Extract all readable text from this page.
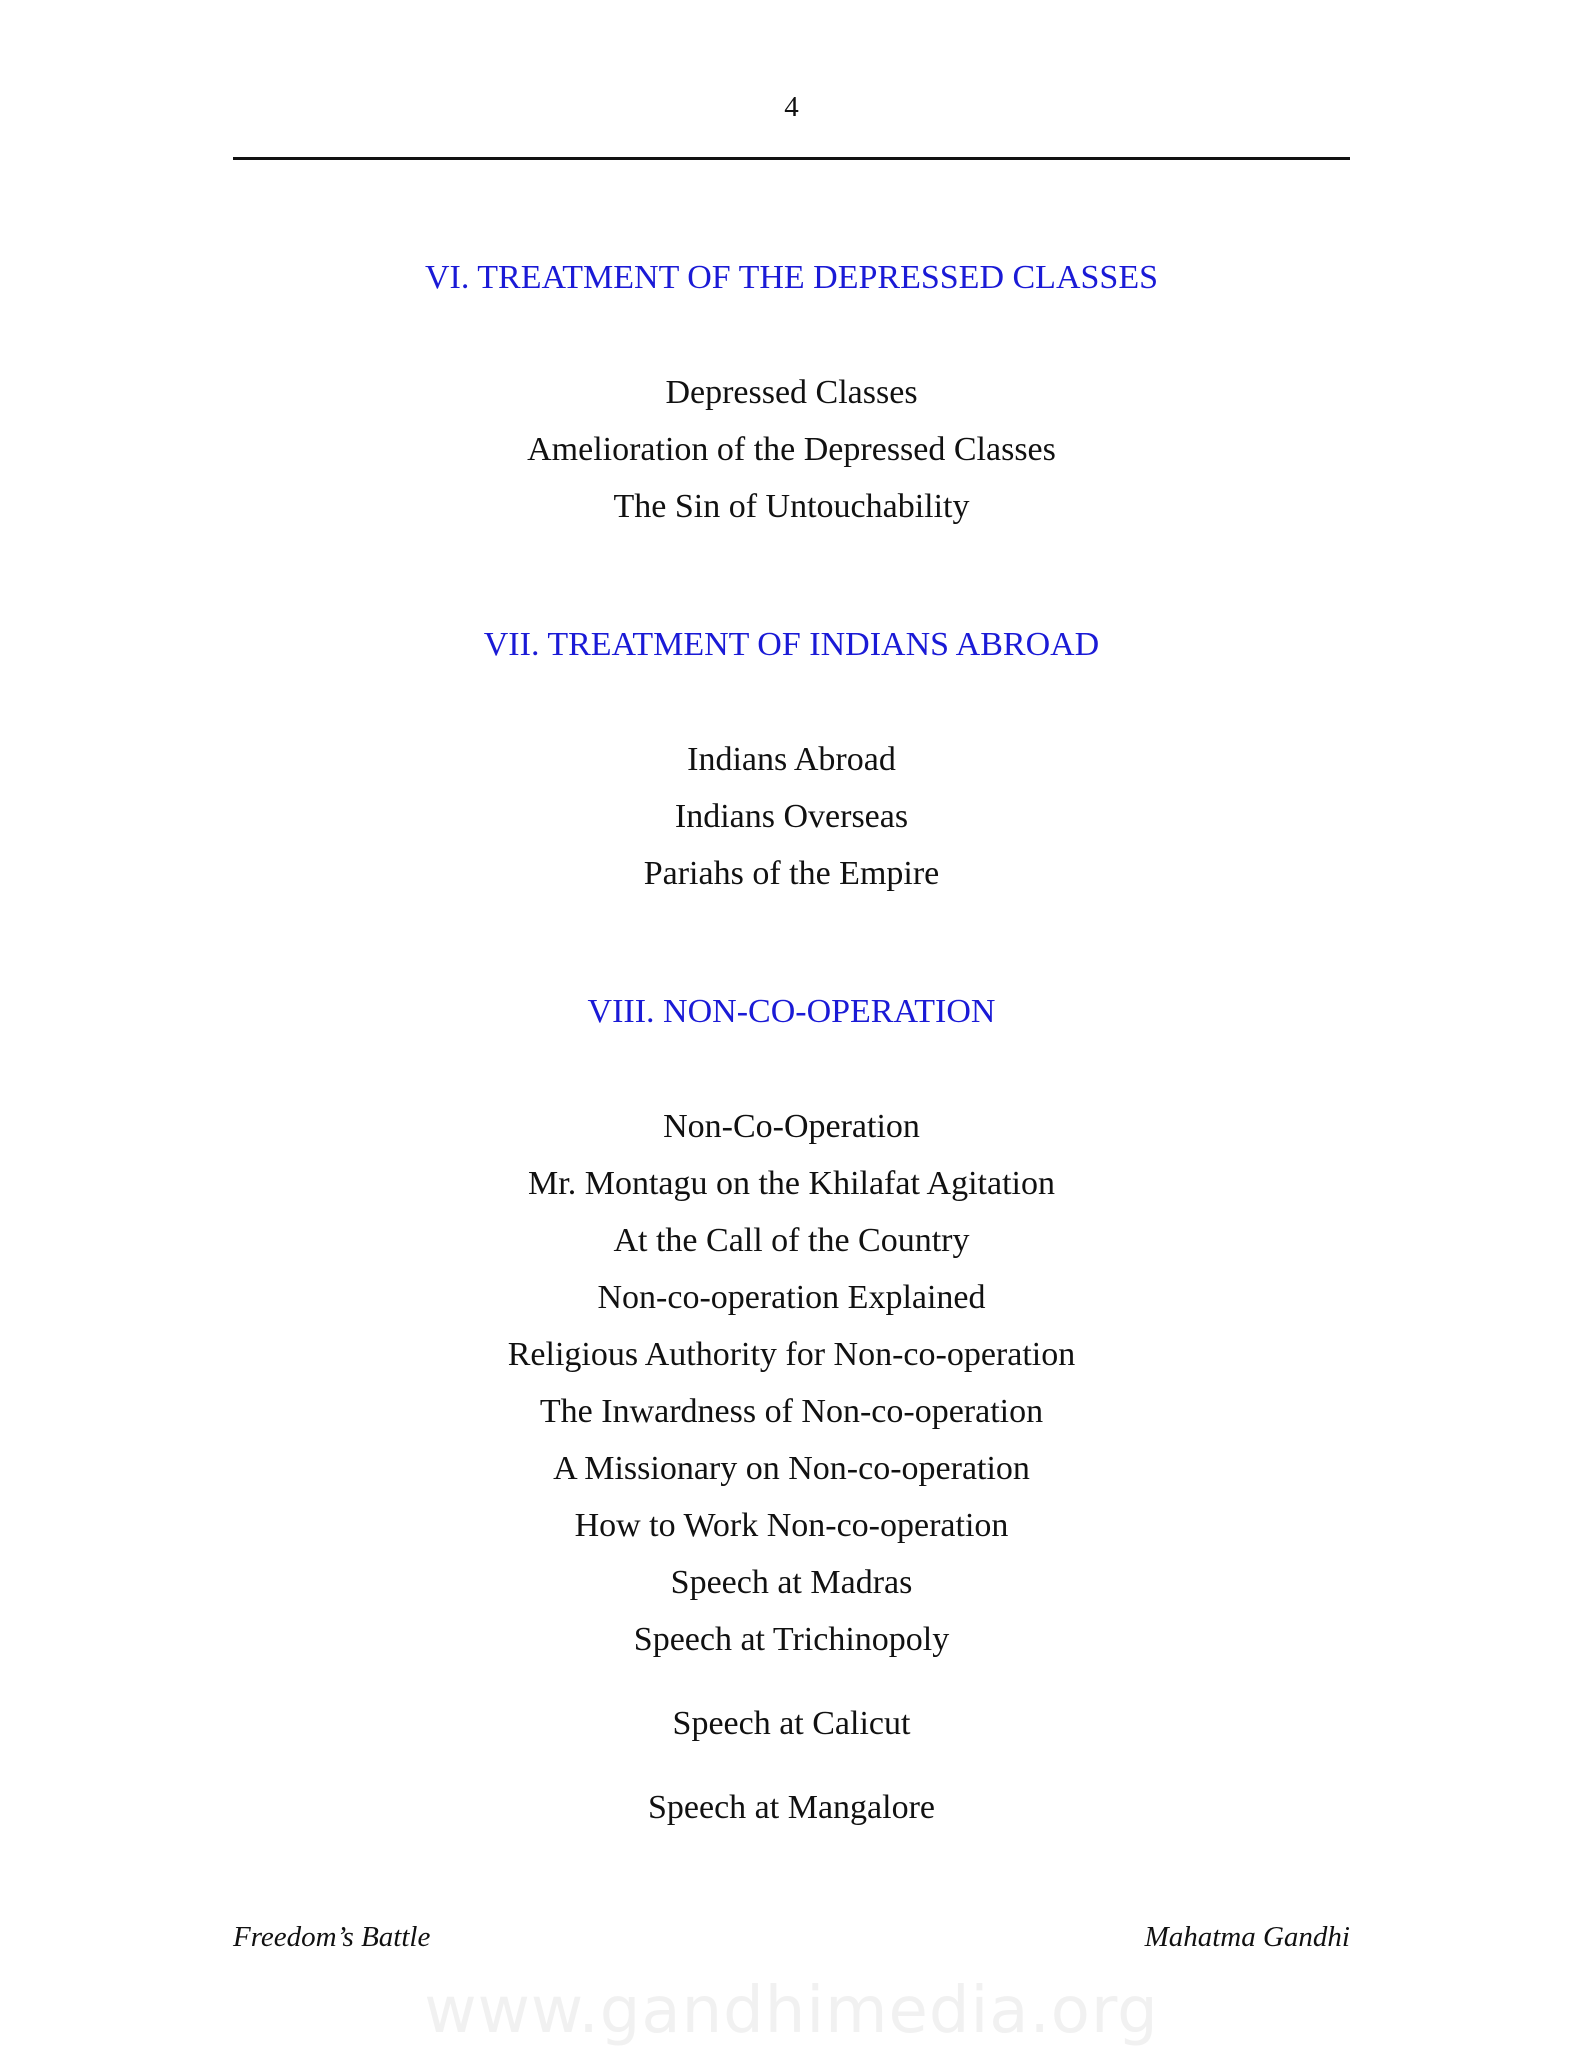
4
VI. TREATMENT OF THE DEPRESSED CLASSES
Depressed Classes
Amelioration of the Depressed Classes
The Sin of Untouchability
VII. TREATMENT OF INDIANS ABROAD
Indians Abroad
Indians Overseas
Pariahs of the Empire
VIII. NON-CO-OPERATION
Non-Co-Operation
Mr. Montagu on the Khilafat Agitation
At the Call of the Country
Non-co-operation Explained
Religious Authority for Non-co-operation
The Inwardness of Non-co-operation
A Missionary on Non-co-operation
How to Work Non-co-operation
Speech at Madras
Speech at Trichinopoly
Speech at Calicut
Speech at Mangalore
Freedom’s Battle	Mahatma Gandhi
www.gandhimedia.org
